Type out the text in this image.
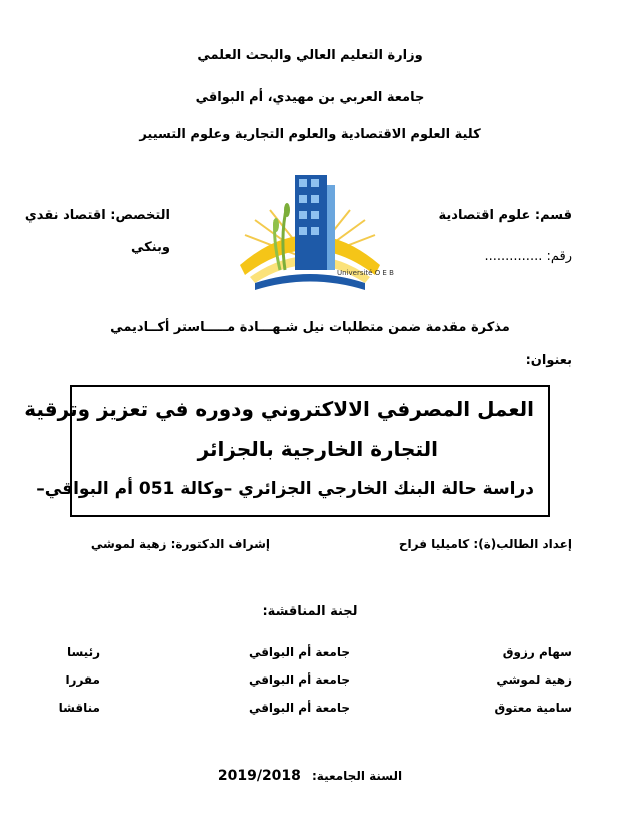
وزارة التعليم العالي والبحث العلمي
جامعة العربي بن مهيدي، أم البواقي
كلية العلوم الاقتصادية والعلوم التجارية وعلوم التسيير
قسم: علوم اقتصادية
رقم: ..............
التخصص: اقتصاد نقدي
وبنكي
Université O E B
مذكرة مقدمة ضمن متطلبات نيل شـهـــادة مـــــاستر أكــاديمي
بعنوان:
العمل المصرفي الالاكتروني ودوره في تعزيز وترقية
التجارة الخارجية بالجزائر
دراسة حالة البنك الخارجي الجزائري –وكالة 051 أم البواقي–
إعداد الطالب(ة): كاميليا فراح
إشراف الدكتورة: زهية لموشي
لجنة المناقشة:
سهام رزوق
جامعة أم البواقي
رئيسا
زهية لموشي
جامعة أم البواقي
مقررا
سامية معتوق
جامعة أم البواقي
مناقشا
السنة الجامعية: 2019/2018
